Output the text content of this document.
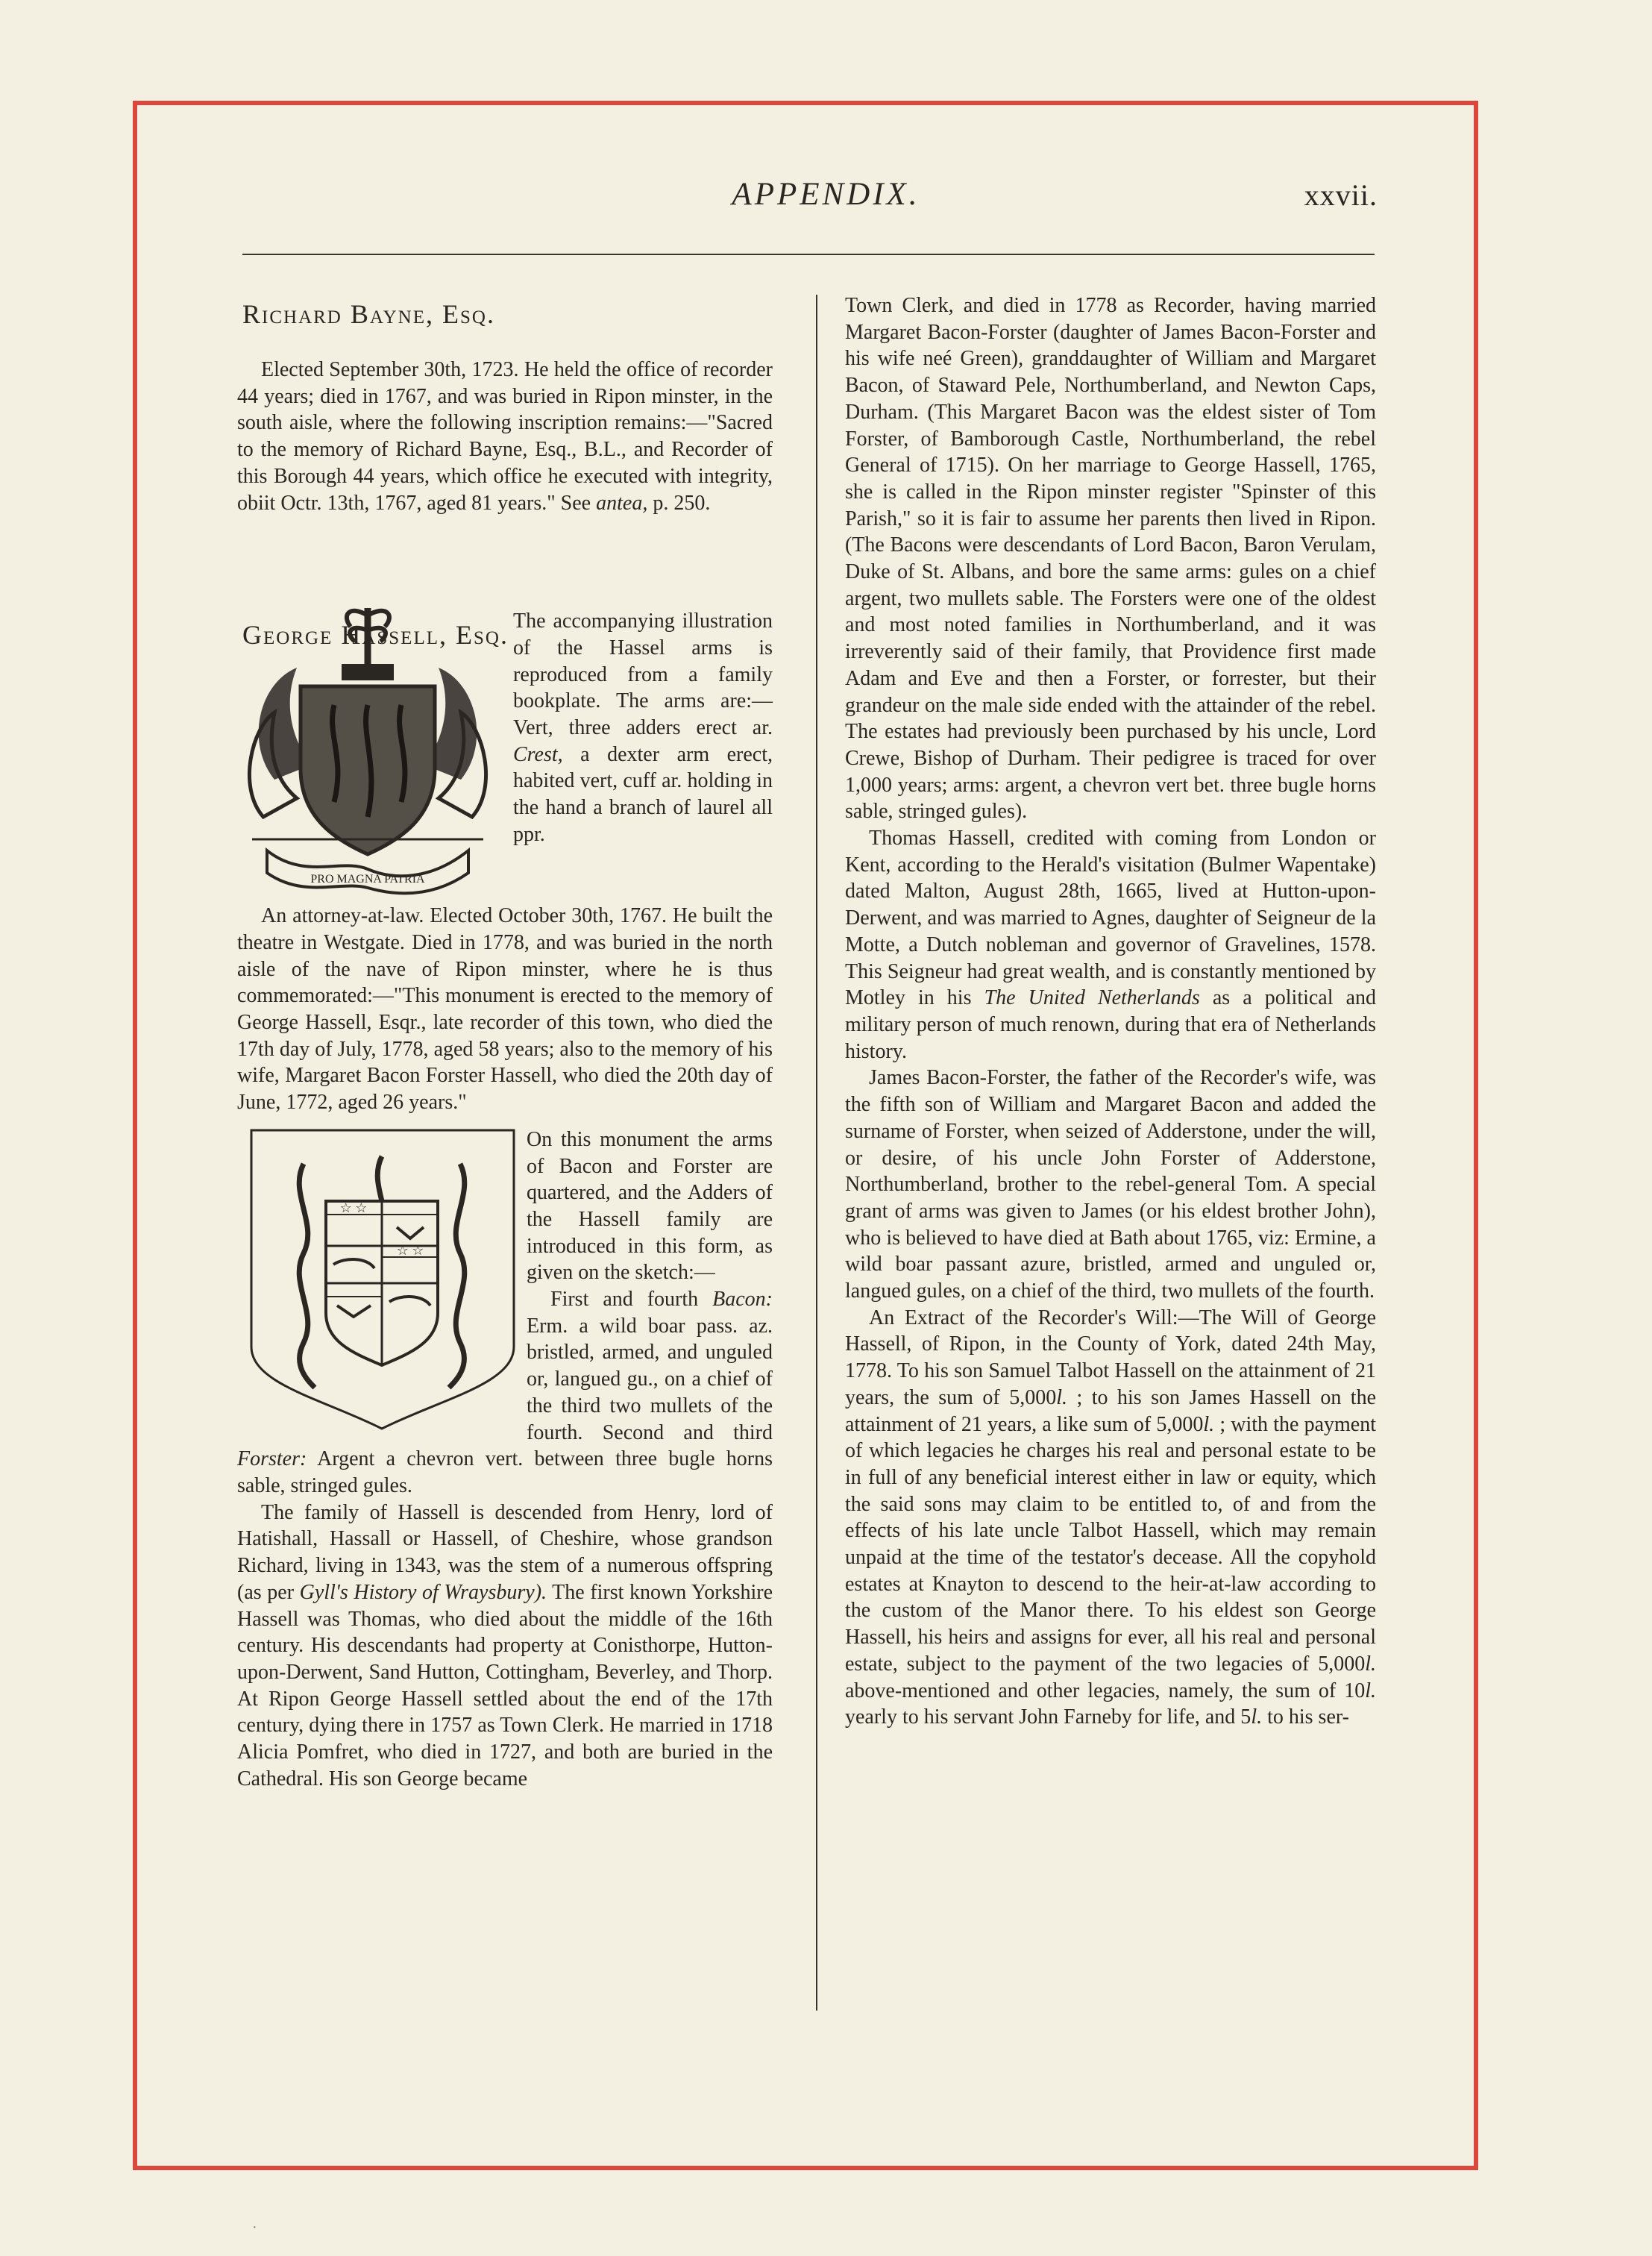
APPENDIX.	xxvii.
Richard Bayne, Esq.
George Hassell, Esq.

Elected September 30th, 1723. He held the office of recorder 44 years; died in 1767, and was buried in Ripon minster, in the south aisle, where the following inscription remains:—"Sacred to the memory of Richard Bayne, Esq., B.L., and Recorder of this Borough 44 years, which office he executed with integrity, obiit Octr. 13th, 1767, aged 81 years." See antea, p. 250.

PRO MAGNA PATRIA

The accompanying illustration of the Hassel arms is reproduced from a family bookplate. The arms are:—Vert, three adders erect ar. Crest, a dexter arm erect, habited vert, cuff ar. holding in the hand a branch of laurel all ppr.

An attorney-at-law. Elected October 30th, 1767. He built the theatre in Westgate. Died in 1778, and was buried in the north aisle of the nave of Ripon minster, where he is thus commemorated:—"This monument is erected to the memory of George Hassell, Esqr., late recorder of this town, who died the 17th day of July, 1778, aged 58 years; also to the memory of his wife, Margaret Bacon Forster Hassell, who died the 20th day of June, 1772, aged 26 years."

☆ ☆
☆ ☆

On this monument the arms of Bacon and Forster are quartered, and the Adders of the Hassell family are introduced in this form, as given on the sketch:—

First and fourth Bacon: Erm. a wild boar pass. az. bristled, armed, and unguled or, langued gu., on a chief of the third two mullets of the fourth. Second and third Forster: Argent a chevron vert. between three bugle horns sable, stringed gules.

The family of Hassell is descended from Henry, lord of Hatishall, Hassall or Hassell, of Cheshire, whose grandson Richard, living in 1343, was the stem of a numerous offspring (as per Gyll's History of Wraysbury). The first known Yorkshire Hassell was Thomas, who died about the middle of the 16th century. His descendants had property at Conisthorpe, Hutton-upon-Derwent, Sand Hutton, Cottingham, Beverley, and Thorp. At Ripon George Hassell settled about the end of the 17th century, dying there in 1757 as Town Clerk. He married in 1718 Alicia Pomfret, who died in 1727, and both are buried in the Cathedral. His son George became

Town Clerk, and died in 1778 as Recorder, having married Margaret Bacon-Forster (daughter of James Bacon-Forster and his wife neé Green), granddaughter of William and Margaret Bacon, of Staward Pele, Northumberland, and Newton Caps, Durham. (This Margaret Bacon was the eldest sister of Tom Forster, of Bamborough Castle, Northumberland, the rebel General of 1715). On her marriage to George Hassell, 1765, she is called in the Ripon minster register "Spinster of this Parish," so it is fair to assume her parents then lived in Ripon. (The Bacons were descendants of Lord Bacon, Baron Verulam, Duke of St. Albans, and bore the same arms: gules on a chief argent, two mullets sable. The Forsters were one of the oldest and most noted families in Northumberland, and it was irreverently said of their family, that Providence first made Adam and Eve and then a Forster, or forrester, but their grandeur on the male side ended with the attainder of the rebel. The estates had previously been purchased by his uncle, Lord Crewe, Bishop of Durham. Their pedigree is traced for over 1,000 years; arms: argent, a chevron vert bet. three bugle horns sable, stringed gules).

Thomas Hassell, credited with coming from London or Kent, according to the Herald's visitation (Bulmer Wapentake) dated Malton, August 28th, 1665, lived at Hutton-upon-Derwent, and was married to Agnes, daughter of Seigneur de la Motte, a Dutch nobleman and governor of Gravelines, 1578. This Seigneur had great wealth, and is constantly mentioned by Motley in his The United Netherlands as a political and military person of much renown, during that era of Netherlands history.

James Bacon-Forster, the father of the Recorder's wife, was the fifth son of William and Margaret Bacon and added the surname of Forster, when seized of Adderstone, under the will, or desire, of his uncle John Forster of Adderstone, Northumberland, brother to the rebel-general Tom. A special grant of arms was given to James (or his eldest brother John), who is believed to have died at Bath about 1765, viz: Ermine, a wild boar passant azure, bristled, armed and unguled or, langued gules, on a chief of the third, two mullets of the fourth.

An Extract of the Recorder's Will:—The Will of George Hassell, of Ripon, in the County of York, dated 24th May, 1778. To his son Samuel Talbot Hassell on the attainment of 21 years, the sum of 5,000l. ; to his son James Hassell on the attainment of 21 years, a like sum of 5,000l. ; with the payment of which legacies he charges his real and personal estate to be in full of any beneficial interest either in law or equity, which the said sons may claim to be entitled to, of and from the effects of his late uncle Talbot Hassell, which may remain unpaid at the time of the testator's decease. All the copyhold estates at Knayton to descend to the heir-at-law according to the custom of the Manor there. To his eldest son George Hassell, his heirs and assigns for ever, all his real and personal estate, subject to the payment of the two legacies of 5,000l. above-mentioned and other legacies, namely, the sum of 10l. yearly to his servant John Farneby for life, and 5l. to his ser-

·
